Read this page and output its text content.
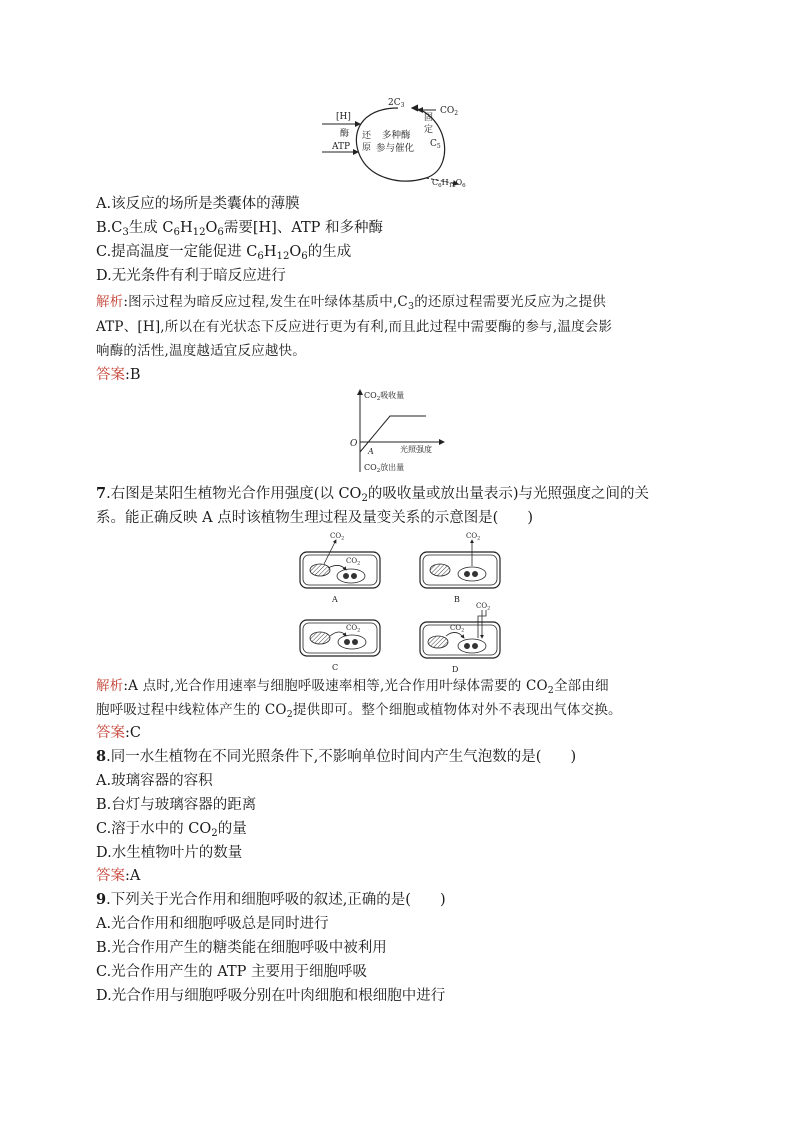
[H]
酶
ATP
还
原
多种酶
参与催化
固
定
$2C_3$
$CO_2$
$C_5$
$C_6H_{12}O_6$
A.该反应的场所是类囊体的薄膜
$B.C_3$生成 $C_6H_{12}O_6$需要[H]、ATP 和多种酶
C.提高温度一定能促进 $C_6H_{12}O_6$的生成
D.无光条件有利于暗反应进行
解析:图示过程为暗反应过程,发生在叶绿体基质中$,C_3$的还原过程需要光反应为之提供
ATP、[H],所以在有光状态下反应进行更为有利,而且此过程中需要酶的参与,温度会影
响酶的活性,温度越适宜反应越快。
答案:B
$CO_2$吸收量
O
A	光照强度
$CO_2$放出量
7.右图是某阳生植物光合作用强度(以 $CO_2$的吸收量或放出量表示)与光照强度之间的关
系。能正确反映 A 点时该植物生理过程及量变关系的示意图是(　　)
$CO_2$
$CO_2$
A
$CO_2$
B
$CO_2$
C
$CO_2$
$CO_2$
D
解析:A 点时,光合作用速率与细胞呼吸速率相等,光合作用叶绿体需要的 $CO_2$全部由细
胞呼吸过程中线粒体产生的 $CO_2$提供即可。整个细胞或植物体对外不表现出气体交换。
答案:C
8.同一水生植物在不同光照条件下,不影响单位时间内产生气泡数的是(　　)
A.玻璃容器的容积
B.台灯与玻璃容器的距离
C.溶于水中的 $CO_2$的量
D.水生植物叶片的数量
答案:A
9.下列关于光合作用和细胞呼吸的叙述,正确的是(　　)
A.光合作用和细胞呼吸总是同时进行
B.光合作用产生的糖类能在细胞呼吸中被利用
C.光合作用产生的 ATP 主要用于细胞呼吸
D.光合作用与细胞呼吸分别在叶肉细胞和根细胞中进行
